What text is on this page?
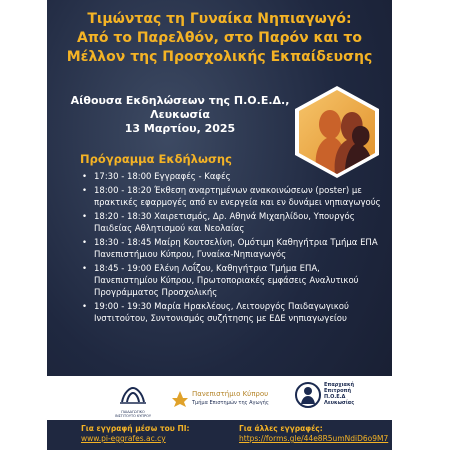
Τιμώντας τη Γυναίκα Νηπιαγωγό:
Από το Παρελθόν, στο Παρόν και το
Μέλλον της Προσχολικής Εκπαίδευσης
Αίθουσα Εκδηλώσεων της Π.Ο.Ε.Δ.,
Λευκωσία
13 Μαρτίου, 2025
Πρόγραμμα Εκδήλωσης
• 17:30 - 18:00 Εγγραφές - Καφές
• 18:00 - 18:20 Έκθεση αναρτημένων ανακοινώσεων (poster) με πρακτικές εφαρμογές από εν ενεργεία και εν δυνάμει νηπιαγωγούς
• 18:20 - 18:30 Χαιρετισμός, Δρ. Αθηνά Μιχαηλίδου, Υπουργός Παιδείας Αθλητισμού και Νεολαίας
• 18:30 - 18:45 Μαίρη Κουτσελίνη, Ομότιμη Καθηγήτρια Τμήμα ΕΠΑ Πανεπιστήμιου Κύπρου, Γυναίκα-Νηπιαγωγός
• 18:45 - 19:00 Ελένη Λοΐζου, Καθηγήτρια Τμήμα ΕΠΑ, Πανεπιστημίου Κύπρου, Πρωτοποριακές εμφάσεις Αναλυτικού Προγράμματος Προσχολικής
• 19:00 - 19:30 Μαρία Ηρακλέους, Λειτουργός Παιδαγωγικού Ινστιτούτου, Συντονισμός συζήτησης με ΕΔΕ νηπιαγωγείου
ΠΑΙΔΑΓΩΓΙΚΟ ΙΝΣΤΙΤΟΥΤΟ ΚΥΠΡΟΥ
Πανεπιστήμιο Κύπρου
Τμήμα Επιστημών της Αγωγής
Επαρχιακή
Επιτροπή
Π.Ο.Ε.Δ
Λευκωσίας
Για εγγραφή μέσω του ΠΙ:
www.pi-eggrafes.ac.cy
Για άλλες εγγραφές:
https://forms.gle/44e8R5umNdiD6o9M7
